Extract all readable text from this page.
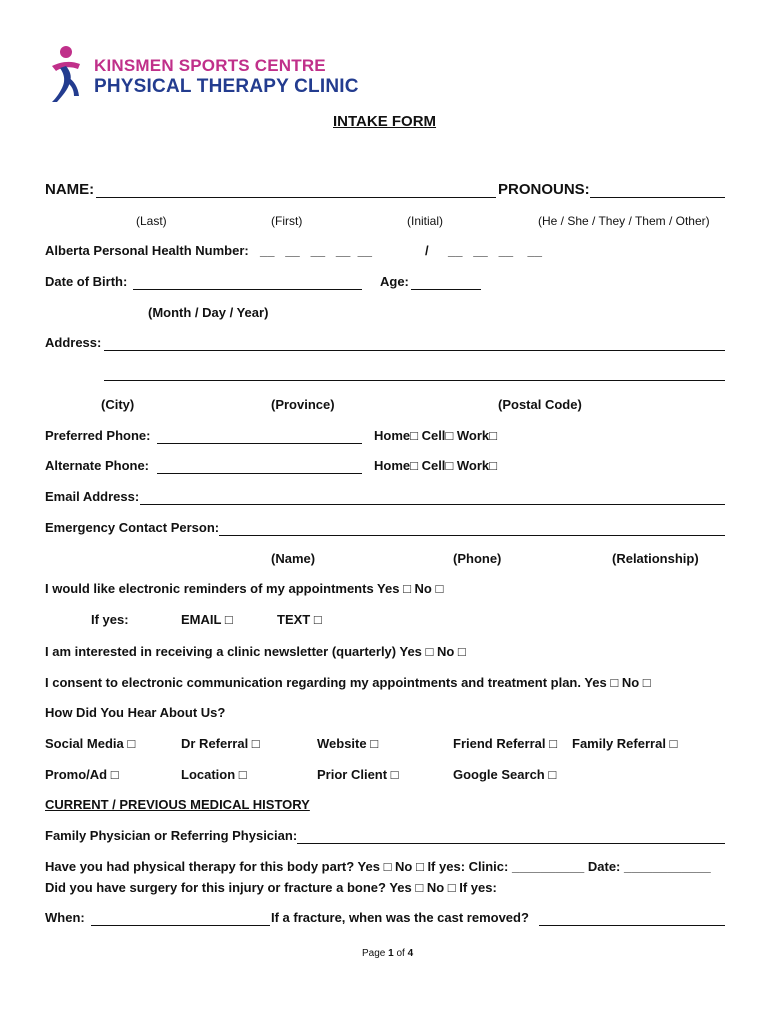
KINSMEN SPORTS CENTRE
PHYSICAL THERAPY CLINIC
INTAKE FORM
NAME:	PRONOUNS:
(Last)	(First)	(Initial)	(He / She / They / Them / Other)
Alberta Personal Health Number: __   __   __   __  __	/ __   __   __    __
Date of Birth:	Age:
(Month / Day / Year)
Address:
(City)	(Province)	(Postal Code)
Preferred Phone:	Home□ Cell□ Work□
Alternate Phone:	Home□ Cell□ Work□
Email Address:
Emergency Contact Person:
(Name)	(Phone)	(Relationship)
I would like electronic reminders of my appointments Yes □ No □
If yes:	EMAIL □	TEXT □
I am interested in receiving a clinic newsletter (quarterly) Yes □ No □
I consent to electronic communication regarding my appointments and treatment plan. Yes □ No □
How Did You Hear About Us?
Social Media □	Dr Referral □	Website □	Friend Referral □ Family Referral □
Promo/Ad □	Location □	Prior Client □	Google Search □
CURRENT / PREVIOUS MEDICAL HISTORY
Family Physician or Referring Physician:
Have you had physical therapy for this body part? Yes □ No □ If yes: Clinic: __________ Date: ____________
Did you have surgery for this injury or fracture a bone? Yes □ No □ If yes:
When:	If a fracture, when was the cast removed?
Page 1 of 4
